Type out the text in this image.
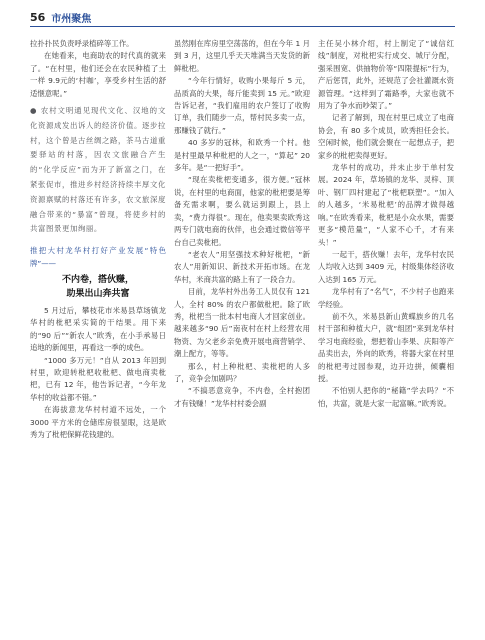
56 市州聚焦

拉扑扑民负责呼录植碎等工作。

在她看来，电商助农的时代真的就来了。“在村里，他们还会在农民种植了土一样 9.9元的‘村咖’，享受乡村生活的舒适惬意呢。”

● 农村文明通见现代文化、汉地的文化资源成发出诉人的经济价值。逐步拉村，这个曾是古丝绸之路，茶马古道重要驿站的村落，因农文旅融合产生的“化学反应”而为开了新富之门，在紧张促市，推进乡村经济持续丰厚文化资源禀赋的村落还有许多，农文旅深度融合带来的“暴富”曾现，将使乡村的共富图景更加绚丽。

推把大村龙华村打好产业发展“特色牌”——

不内卷，搭伙赚，
助果出山奔共富

5 月过后，攀枝花市米易县草场镇龙华村的枇杷采实简的干结果。用下来的“90 后”“新农人”欧秀，在小手承易日追地的新闻里，再看这一季的成色。

“1000 多万元！”自从 2013 年回到村里，欧迎转枇杷收枇杷、做电商卖枇杷，已有 12 年，他告诉记者，“今年龙华村的收益都不错。”

在海拔意龙华村村道不远处，一个 3000 平方米的仓储库房很显眼，这是欧秀为了枇杷保鲜花钱建的。

虽然刚在库房里空荡荡的，但在今年 1 月到 3 月，这里几乎天天堆满当天发货的新鲜枇杷。

“今年行情好，收购小果每斤 5 元，品质高的大果，每斤能卖到 15 元。”欧迎告诉记者，“我们雇用的农户签订了收购订单，我们随步一点，帮村民多卖一点，那赚钱了就行。”

40 多岁的冠林，和欧秀一个村。他是村里最早种枇杷的人之一，“算起” 20 多年。是“一把好手”。

“现在卖枇杷变通多，很方便。”冠林说，在村里的电商面，他家的枇杷要是筹备充需求啊，要么就运到跟上，县上卖，“费力得很”。现在，他卖果卖欧秀这两专门就电商的伙伴，也会通过微信等平台自己卖枇杷。

“老农人”用坚强技术种好枇杷，“新农人”用新知识、新技术开拓市场。在龙华村，米商共富的路上有了一段合力。

目前，龙华村外出务工人员仅有 121 人，全村 80% 的农户都做枇杷。除了欧秀，枇杷当一批本村电商人才回家创业。越来越多“90 后”南夜村在村上经营农用物资、为父老乡亲免费开展电商营销学、潮上配方，等等。

那么，村上种枇杷、卖枇杷的人多了，竞争会加剧吗？

“不搞恶意竞争，不内卷，全村抱团才有钱赚！”龙华村村委会副

主任吴小林介绍，村上制定了“诚信红线”制度，对枇杷实行成交、城厅分配，强采围宽、供抽物价等“四限提标”行为，产后惩罚，此外，还规范了会社灌溉水资源管理。“这样到了霜路季，大家也就不用为了争水而吵架了。”

记者了解到，现在村里已成立了电商协会，有 80 多个成员，欧秀担任会长。空闲时候，他们就会聚在一起想点子，把家乡的枇杷卖得更好。

龙华村的成功，并未止步于单村发展。2024 年，草场镇的龙华、灵梓、顶叶、钢厂四村建起了“枇杷联塑”。“加入的人越多，‘米易枇杷’的品牌才做得越响。”在欧秀看来，枇杷是小众水果，需要更多“模范量”，“人家不心千，才有来头！”

一起干，搭伙赚！去年，龙华村农民人均收入达到 3409 元，村级集体经济收入达到 165 万元。

龙华村有了“名气”，不少村子也跑来学经验。

前不久，米易县新山黄蝶族乡的几名村干部和种植大户，就“组团”来到龙华村学习电商经验，想把着山李果、庆阳等产品卖出去，外向的欧秀，将器大家在村里的枇杷考过园参观，边开边拼，倾囊相授。

不怕别人把你的“秘籍”学去吗？“不怕，共富，就是大家一起富嘛。”欧秀说。
